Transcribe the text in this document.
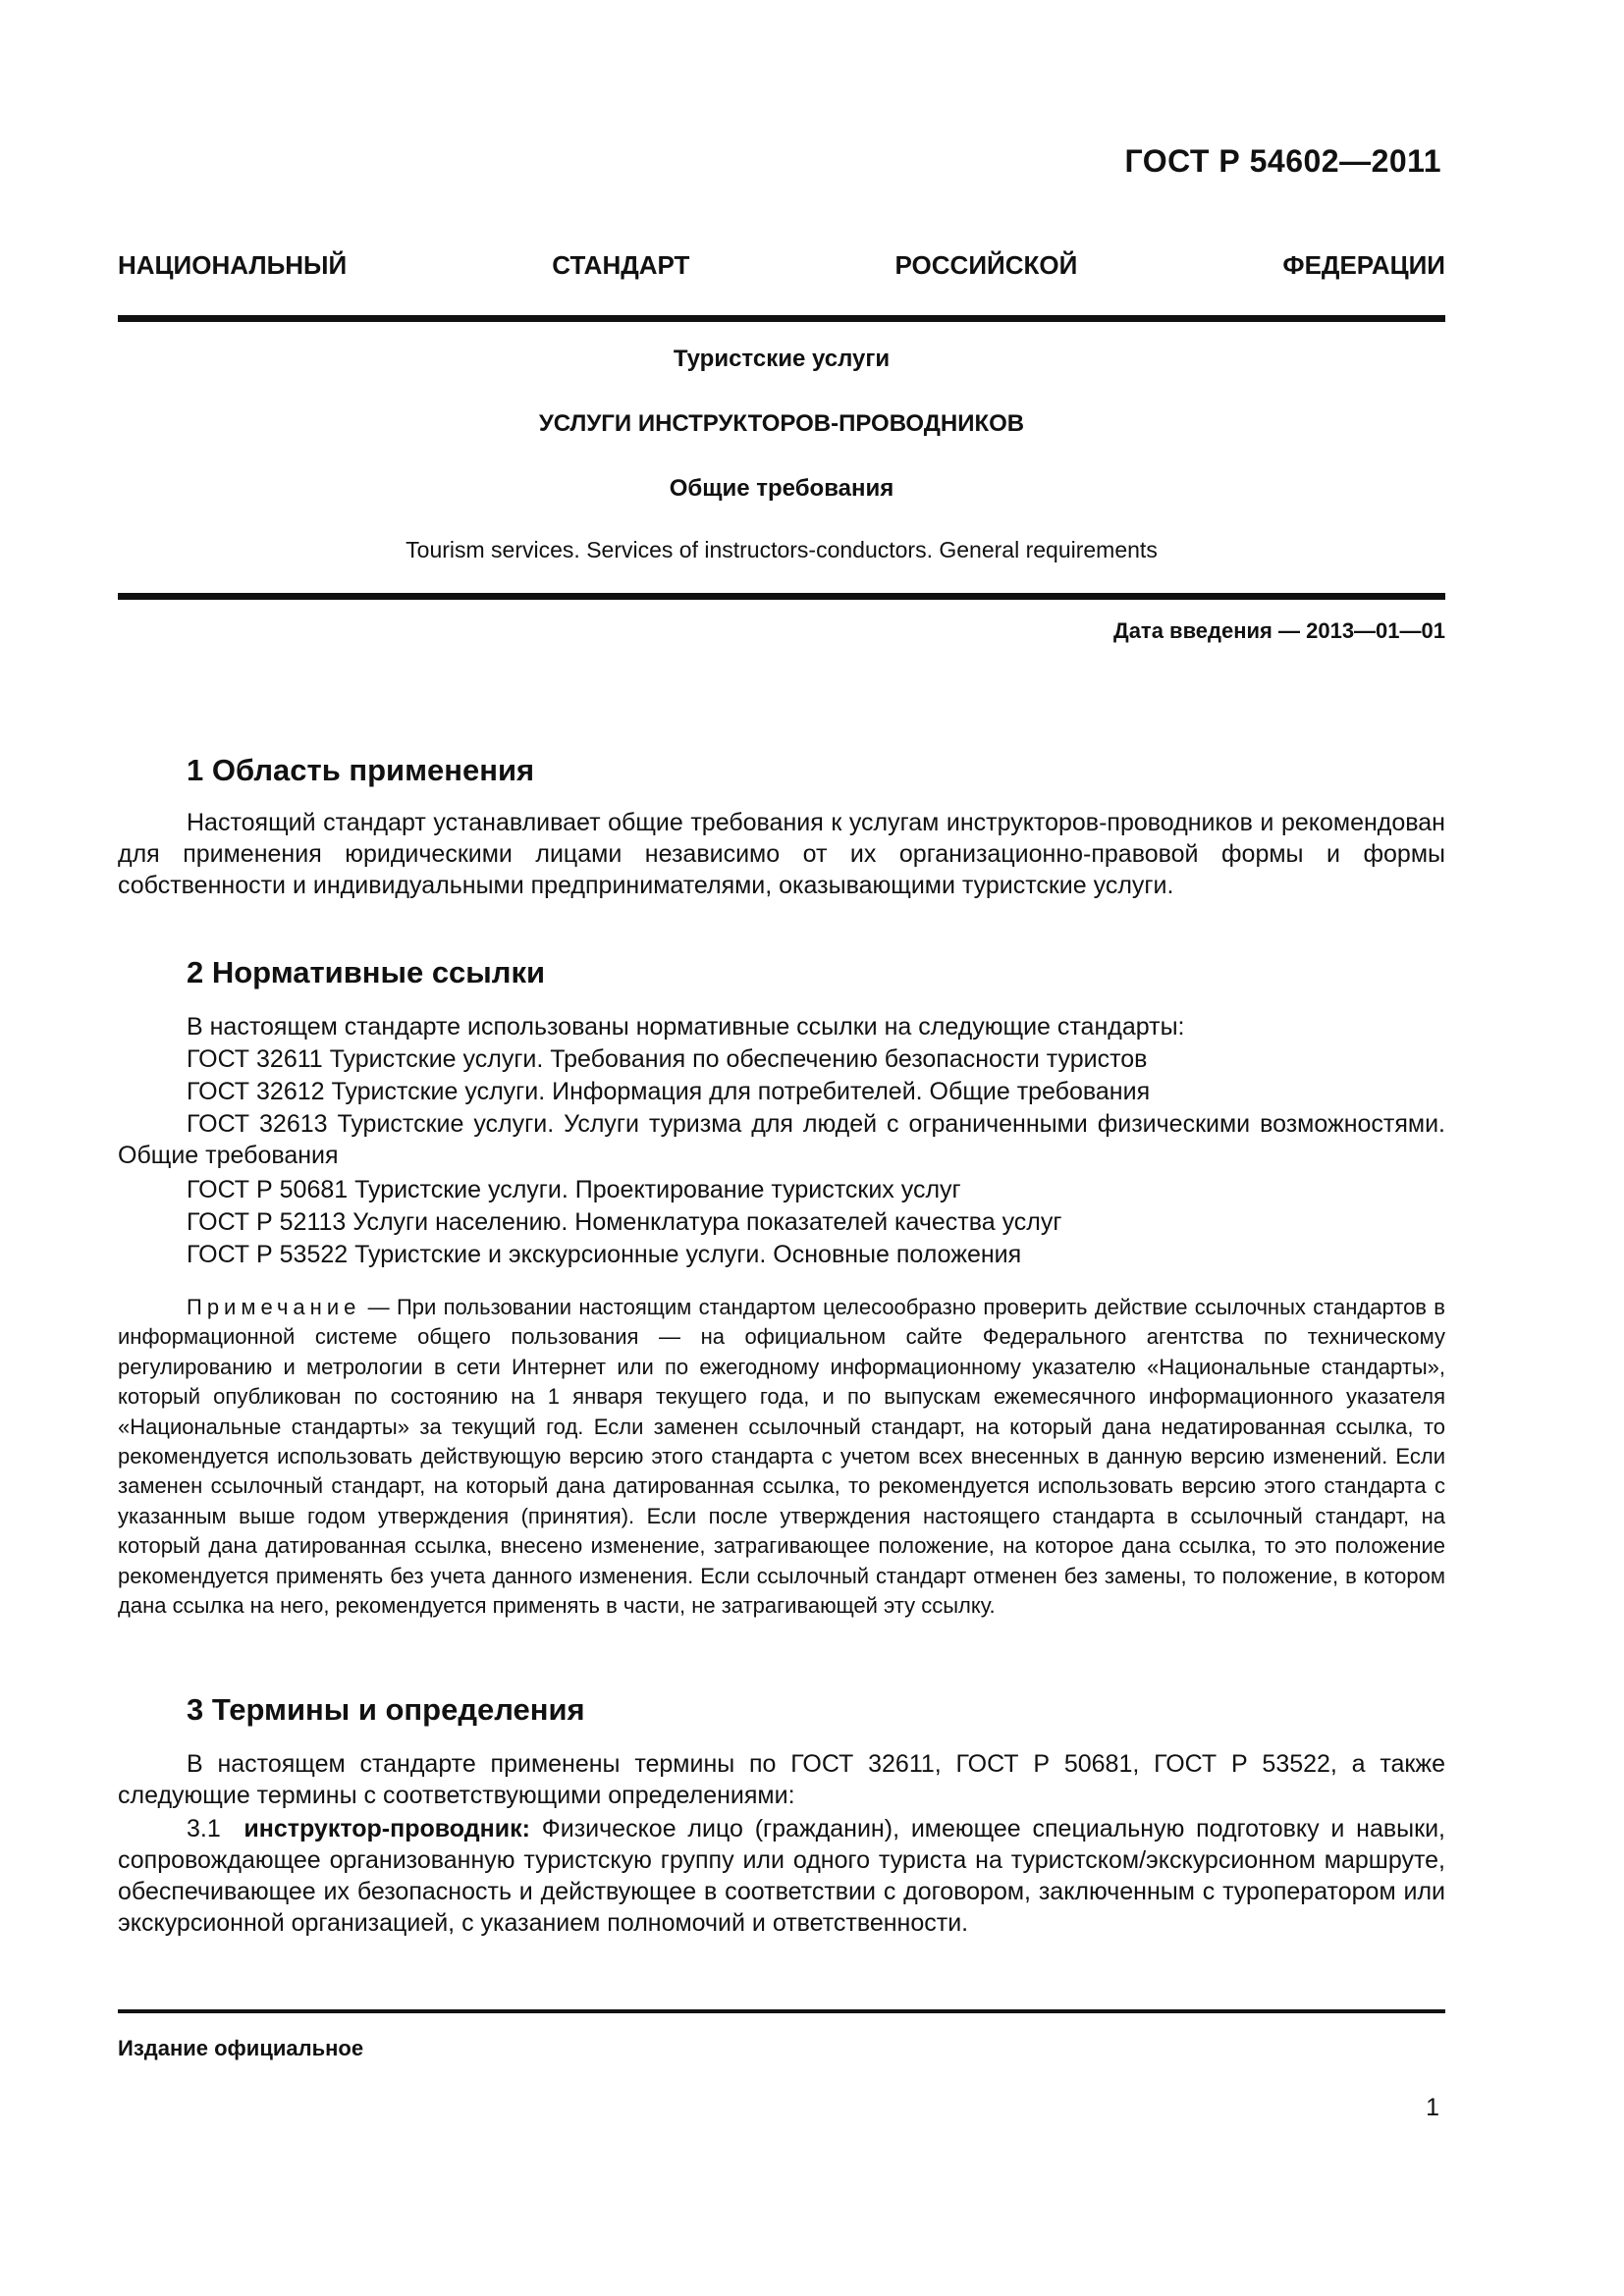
ГОСТ Р 54602—2011
НАЦИОНАЛЬНЫЙ СТАНДАРТ РОССИЙСКОЙ ФЕДЕРАЦИИ
Туристские услуги
УСЛУГИ ИНСТРУКТОРОВ-ПРОВОДНИКОВ
Общие требования
Tourism services. Services of instructors-conductors. General requirements
Дата введения — 2013—01—01
1 Область применения
Настоящий стандарт устанавливает общие требования к услугам инструкторов-проводников и рекомендован для применения юридическими лицами независимо от их организационно-правовой формы и формы собственности и индивидуальными предпринимателями, оказывающими туристские услуги.
2 Нормативные ссылки
В настоящем стандарте использованы нормативные ссылки на следующие стандарты:
ГОСТ 32611 Туристские услуги. Требования по обеспечению безопасности туристов
ГОСТ 32612 Туристские услуги. Информация для потребителей. Общие требования
ГОСТ 32613 Туристские услуги. Услуги туризма для людей с ограниченными физическими возможностями. Общие требования
ГОСТ Р 50681 Туристские услуги. Проектирование туристских услуг
ГОСТ Р 52113 Услуги населению. Номенклатура показателей качества услуг
ГОСТ Р 53522 Туристские и экскурсионные услуги. Основные положения
Примечание — При пользовании настоящим стандартом целесообразно проверить действие ссылочных стандартов в информационной системе общего пользования — на официальном сайте Федерального агентства по техническому регулированию и метрологии в сети Интернет или по ежегодному информационному указателю «Национальные стандарты», который опубликован по состоянию на 1 января текущего года, и по выпускам ежемесячного информационного указателя «Национальные стандарты» за текущий год. Если заменен ссылочный стандарт, на который дана недатированная ссылка, то рекомендуется использовать действующую версию этого стандарта с учетом всех внесенных в данную версию изменений. Если заменен ссылочный стандарт, на который дана датированная ссылка, то рекомендуется использовать версию этого стандарта с указанным выше годом утверждения (принятия). Если после утверждения настоящего стандарта в ссылочный стандарт, на который дана датированная ссылка, внесено изменение, затрагивающее положение, на которое дана ссылка, то это положение рекомендуется применять без учета данного изменения. Если ссылочный стандарт отменен без замены, то положение, в котором дана ссылка на него, рекомендуется применять в части, не затрагивающей эту ссылку.
3 Термины и определения
В настоящем стандарте применены термины по ГОСТ 32611, ГОСТ Р 50681, ГОСТ Р 53522, а также следующие термины с соответствующими определениями:
3.1 инструктор-проводник: Физическое лицо (гражданин), имеющее специальную подготовку и навыки, сопровождающее организованную туристскую группу или одного туриста на туристском/экскурсионном маршруте, обеспечивающее их безопасность и действующее в соответствии с договором, заключенным с туроператором или экскурсионной организацией, с указанием полномочий и ответственности.
Издание официальное
1
